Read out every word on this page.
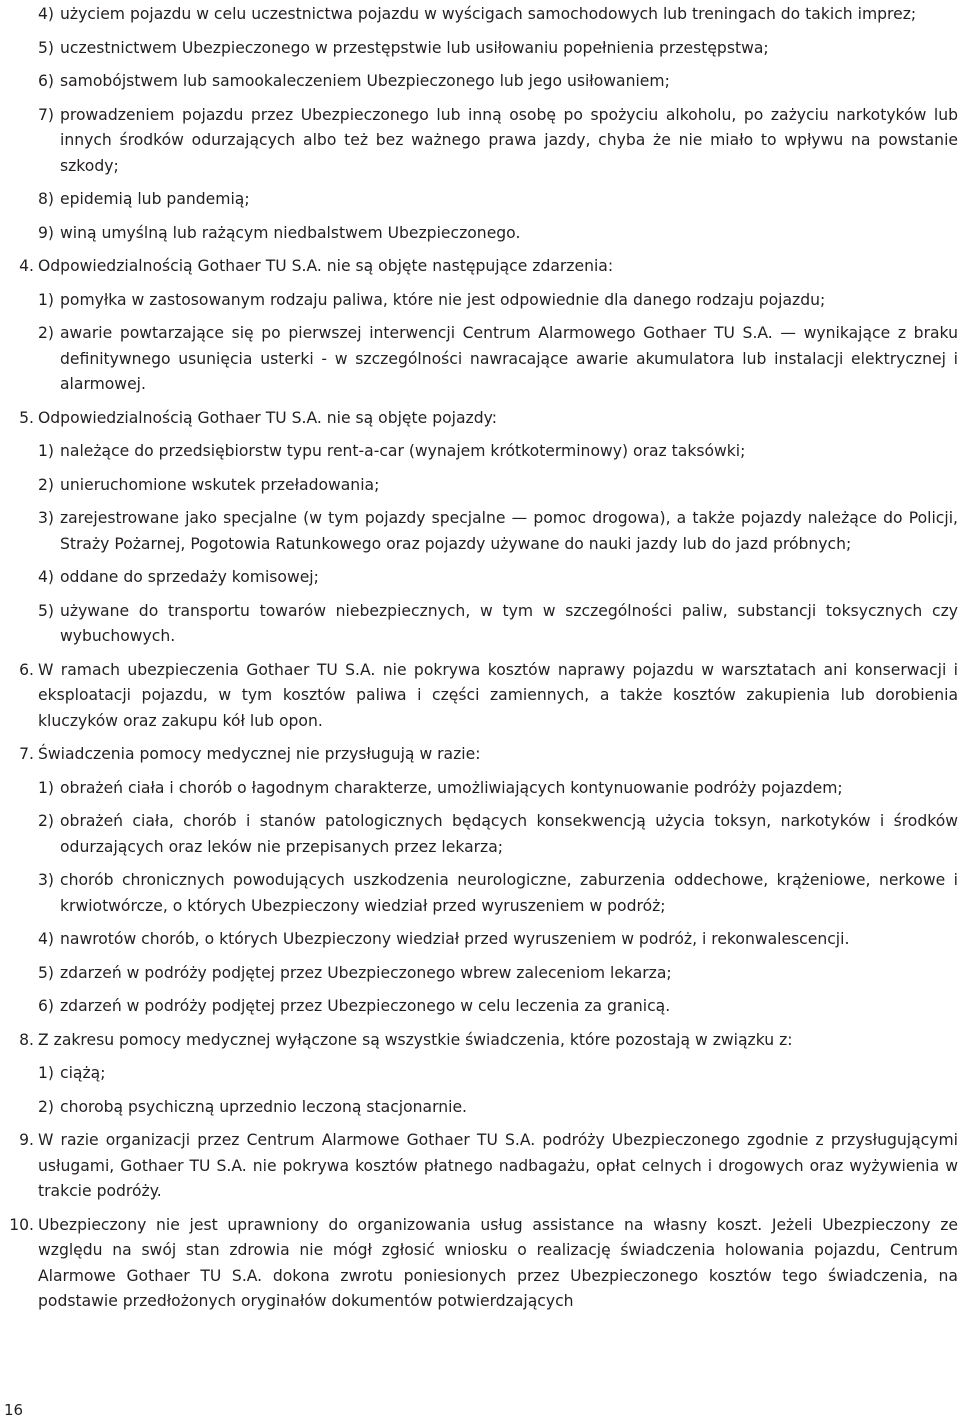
4) użyciem pojazdu w celu uczestnictwa pojazdu w wyścigach samochodowych lub treningach do takich imprez;
5) uczestnictwem Ubezpieczonego w przestępstwie lub usiłowaniu popełnienia przestępstwa;
6) samobójstwem lub samookaleczeniem Ubezpieczonego lub jego usiłowaniem;
7) prowadzeniem pojazdu przez Ubezpieczonego lub inną osobę po spożyciu alkoholu, po zażyciu narkotyków lub innych środków odurzających albo też bez ważnego prawa jazdy, chyba że nie miało to wpływu na powstanie szkody;
8) epidemią lub pandemią;
9) winą umyślną lub rażącym niedbalstwem Ubezpieczonego.
4. Odpowiedzialnością Gothaer TU S.A. nie są objęte następujące zdarzenia:
1) pomyłka w zastosowanym rodzaju paliwa, które nie jest odpowiednie dla danego rodzaju pojazdu;
2) awarie powtarzające się po pierwszej interwencji Centrum Alarmowego Gothaer TU S.A. — wynikające z braku definitywnego usunięcia usterki - w szczególności nawracające awarie akumulatora lub instalacji elektrycznej i alarmowej.
5. Odpowiedzialnością Gothaer TU S.A. nie są objęte pojazdy:
1) należące do przedsiębiorstw typu rent-a-car (wynajem krótkoterminowy) oraz taksówki;
2) unieruchomione wskutek przeładowania;
3) zarejestrowane jako specjalne (w tym pojazdy specjalne — pomoc drogowa), a także pojazdy należące do Policji, Straży Pożarnej, Pogotowia Ratunkowego oraz pojazdy używane do nauki jazdy lub do jazd próbnych;
4) oddane do sprzedaży komisowej;
5) używane do transportu towarów niebezpiecznych, w tym w szczególności paliw, substancji toksycznych czy wybuchowych.
6. W ramach ubezpieczenia Gothaer TU S.A. nie pokrywa kosztów naprawy pojazdu w warsztatach ani konserwacji i eksploatacji pojazdu, w tym kosztów paliwa i części zamiennych, a także kosztów zakupienia lub dorobienia kluczyków oraz zakupu kół lub opon.
7. Świadczenia pomocy medycznej nie przysługują w razie:
1) obrażeń ciała i chorób o łagodnym charakterze, umożliwiających kontynuowanie podróży pojazdem;
2) obrażeń ciała, chorób i stanów patologicznych będących konsekwencją użycia toksyn, narkotyków i środków odurzających oraz leków nie przepisanych przez lekarza;
3) chorób chronicznych powodujących uszkodzenia neurologiczne, zaburzenia oddechowe, krążeniowe, nerkowe i krwiotwórcze, o których Ubezpieczony wiedział przed wyruszeniem w podróż;
4) nawrotów chorób, o których Ubezpieczony wiedział przed wyruszeniem w podróż, i rekonwalescencji.
5) zdarzeń w podróży podjętej przez Ubezpieczonego wbrew zaleceniom lekarza;
6) zdarzeń w podróży podjętej przez Ubezpieczonego w celu leczenia za granicą.
8. Z zakresu pomocy medycznej wyłączone są wszystkie świadczenia, które pozostają w związku z:
1) ciążą;
2) chorobą psychiczną uprzednio leczoną stacjonarnie.
9. W razie organizacji przez Centrum Alarmowe Gothaer TU S.A. podróży Ubezpieczonego zgodnie z przysługującymi usługami, Gothaer TU S.A. nie pokrywa kosztów płatnego nadbagażu, opłat celnych i drogowych oraz wyżywienia w trakcie podróży.
10. Ubezpieczony nie jest uprawniony do organizowania usług assistance na własny koszt. Jeżeli Ubezpieczony ze względu na swój stan zdrowia nie mógł zgłosić wniosku o realizację świadczenia holowania pojazdu, Centrum Alarmowe Gothaer TU S.A. dokona zwrotu poniesionych przez Ubezpieczonego kosztów tego świadczenia, na podstawie przedłożonych oryginałów dokumentów potwierdzających
16
